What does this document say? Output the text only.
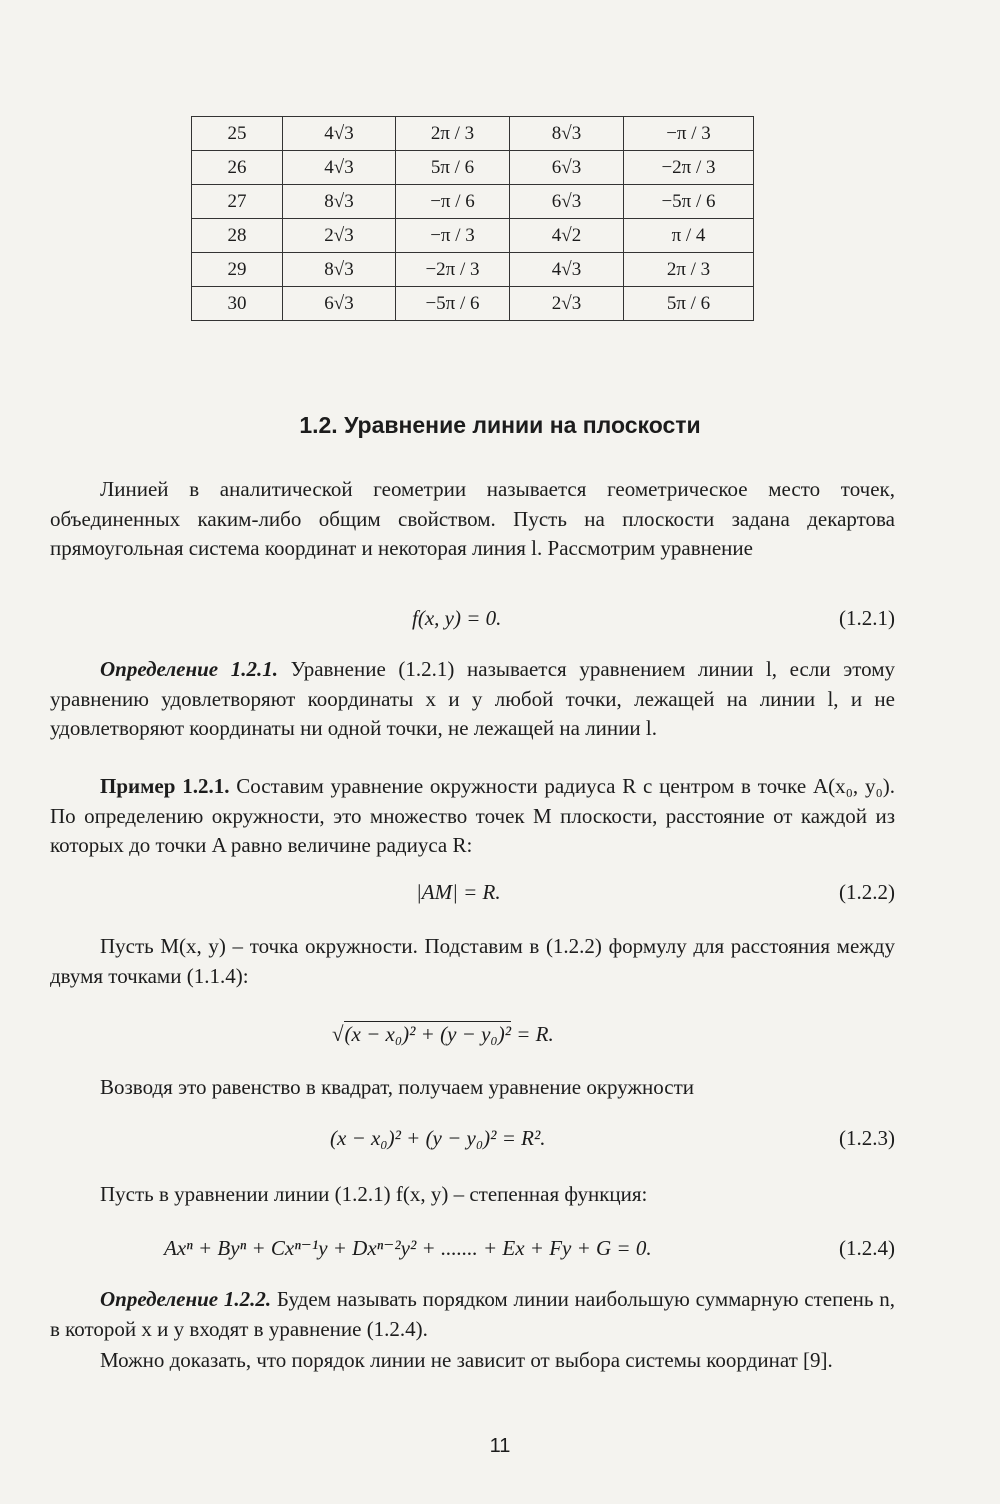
25	4√3	2π / 3	8√3	−π / 3
26	4√3	5π / 6	6√3	−2π / 3
27	8√3	−π / 6	6√3	−5π / 6
28	2√3	−π / 3	4√2	π / 4
29	8√3	−2π / 3	4√3	2π / 3
30	6√3	−5π / 6	2√3	5π / 6
1.2. Уравнение линии на плоскости

Линией в аналитической геометрии называется геометрическое место точек, объединенных каким-либо общим свойством. Пусть на плоскости задана декартова прямоугольная система координат и некоторая линия l. Рассмотрим уравнение

f(x, y) = 0.	(1.2.1)

Определение 1.2.1. Уравнение (1.2.1) называется уравнением линии l, если этому уравнению удовлетворяют координаты x и y любой точки, лежащей на линии l, и не удовлетворяют координаты ни одной точки, не лежащей на линии l.

Пример 1.2.1. Составим уравнение окружности радиуса R с центром в точке A(x₀, y₀). По определению окружности, это множество точек M плоскости, расстояние от каждой из которых до точки A равно величине радиуса R:

|AM| = R.	(1.2.2)

Пусть M(x, y) – точка окружности. Подставим в (1.2.2) формулу для расстояния между двумя точками (1.1.4):

√(x − x₀)² + (y − y₀)² = R.

Возводя это равенство в квадрат, получаем уравнение окружности

(x − x₀)² + (y − y₀)² = R².	(1.2.3)

Пусть в уравнении линии (1.2.1) f(x, y) – степенная функция:

Axⁿ + Byⁿ + Cxⁿ⁻¹y + Dxⁿ⁻²y² + ....... + Ex + Fy + G = 0.	(1.2.4)

Определение 1.2.2. Будем называть порядком линии наибольшую суммарную степень n, в которой x и y входят в уравнение (1.2.4).

Можно доказать, что порядок линии не зависит от выбора системы координат [9].

11
